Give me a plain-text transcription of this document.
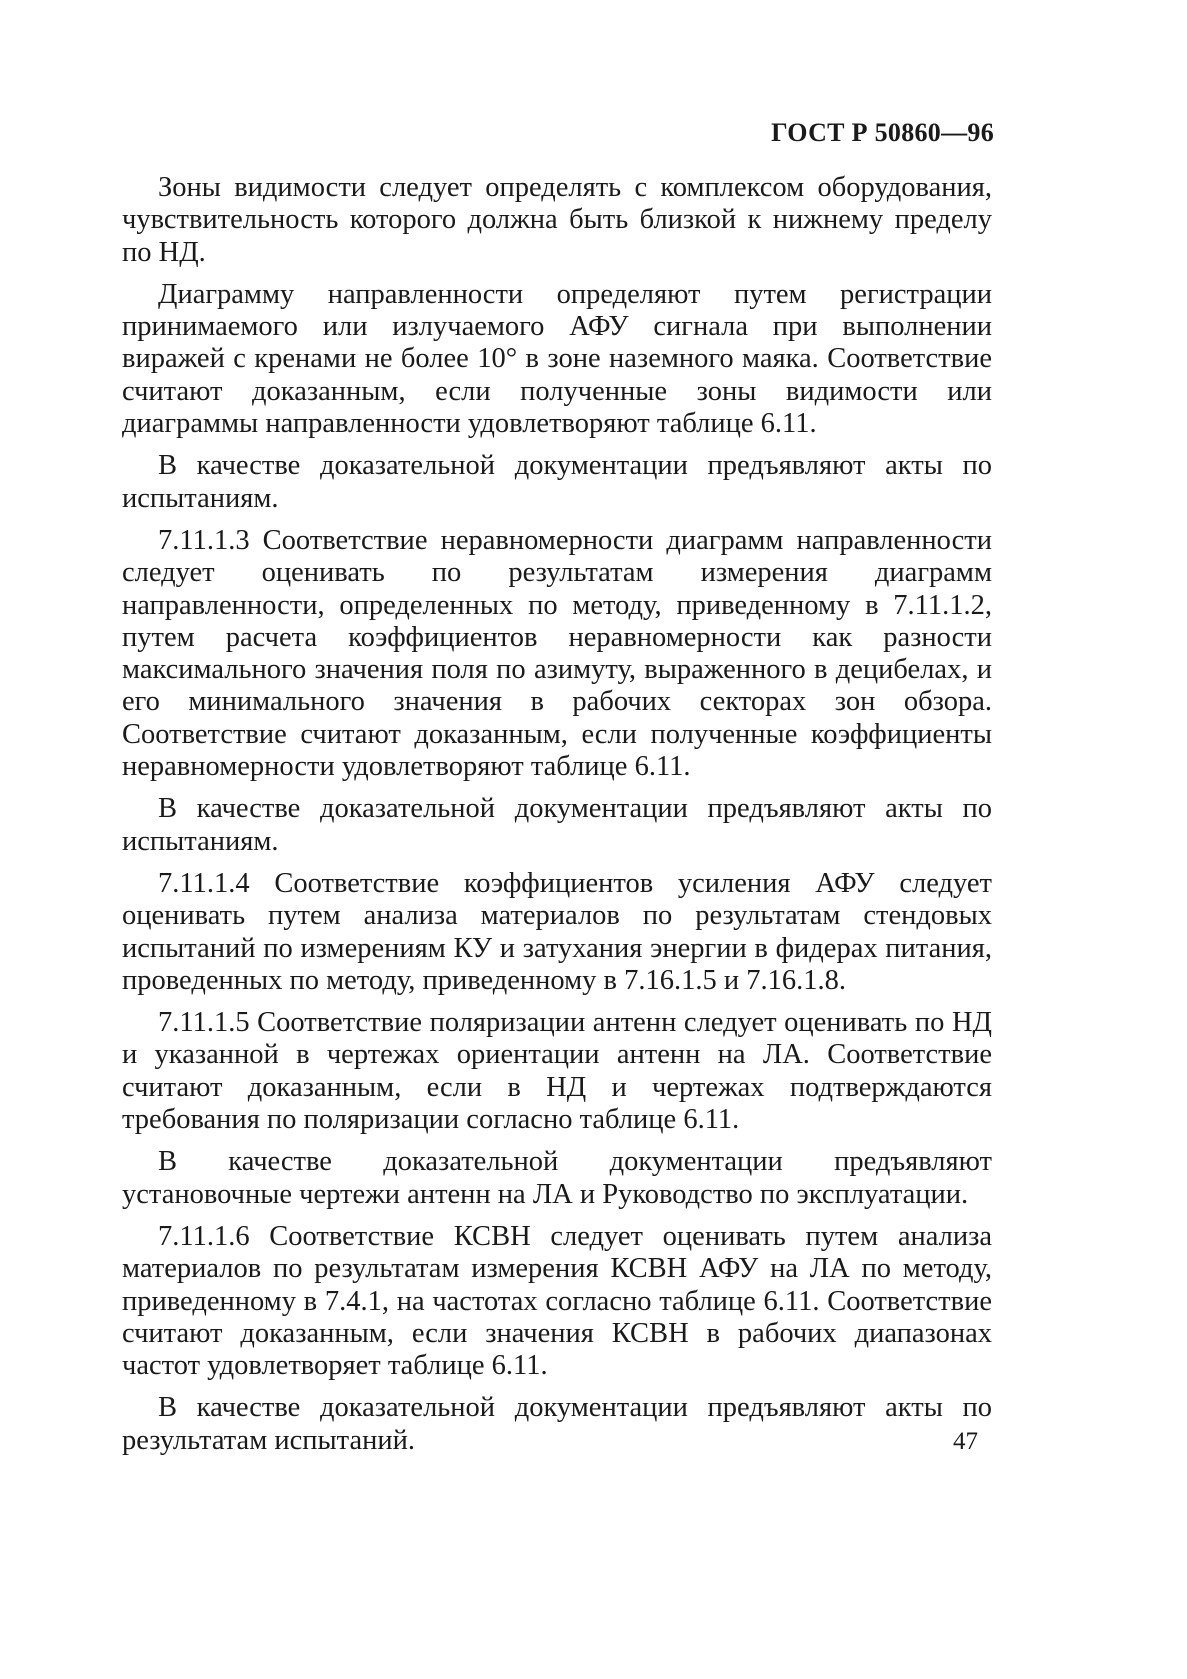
ГОСТ Р 50860—96

Зоны видимости следует определять с комплексом оборудования, чувствительность которого должна быть близкой к нижнему пределу по НД.

Диаграмму направленности определяют путем регистрации принимаемого или излучаемого АФУ сигнала при выполнении виражей с кренами не более 10° в зоне наземного маяка. Соответствие считают доказанным, если полученные зоны видимости или диаграммы направленности удовлетворяют таблице 6.11.

В качестве доказательной документации предъявляют акты по испытаниям.

7.11.1.3 Соответствие неравномерности диаграмм направленности следует оценивать по результатам измерения диаграмм направленности, определенных по методу, приведенному в 7.11.1.2, путем расчета коэффициентов неравномерности как разности максимального значения поля по азимуту, выраженного в децибелах, и его минимального значения в рабочих секторах зон обзора. Соответствие считают доказанным, если полученные коэффициенты неравномерности удовлетворяют таблице 6.11.

В качестве доказательной документации предъявляют акты по испытаниям.

7.11.1.4 Соответствие коэффициентов усиления АФУ следует оценивать путем анализа материалов по результатам стендовых испытаний по измерениям КУ и затухания энергии в фидерах питания, проведенных по методу, приведенному в 7.16.1.5 и 7.16.1.8.

7.11.1.5 Соответствие поляризации антенн следует оценивать по НД и указанной в чертежах ориентации антенн на ЛА. Соответствие считают доказанным, если в НД и чертежах подтверждаются требования по поляризации согласно таблице 6.11.

В качестве доказательной документации предъявляют установочные чертежи антенн на ЛА и Руководство по эксплуатации.

7.11.1.6 Соответствие КСВН следует оценивать путем анализа материалов по результатам измерения КСВН АФУ на ЛА по методу, приведенному в 7.4.1, на частотах согласно таблице 6.11. Соответствие считают доказанным, если значения КСВН в рабочих диапазонах частот удовлетворяет таблице 6.11.

В качестве доказательной документации предъявляют акты по результатам испытаний.	47
